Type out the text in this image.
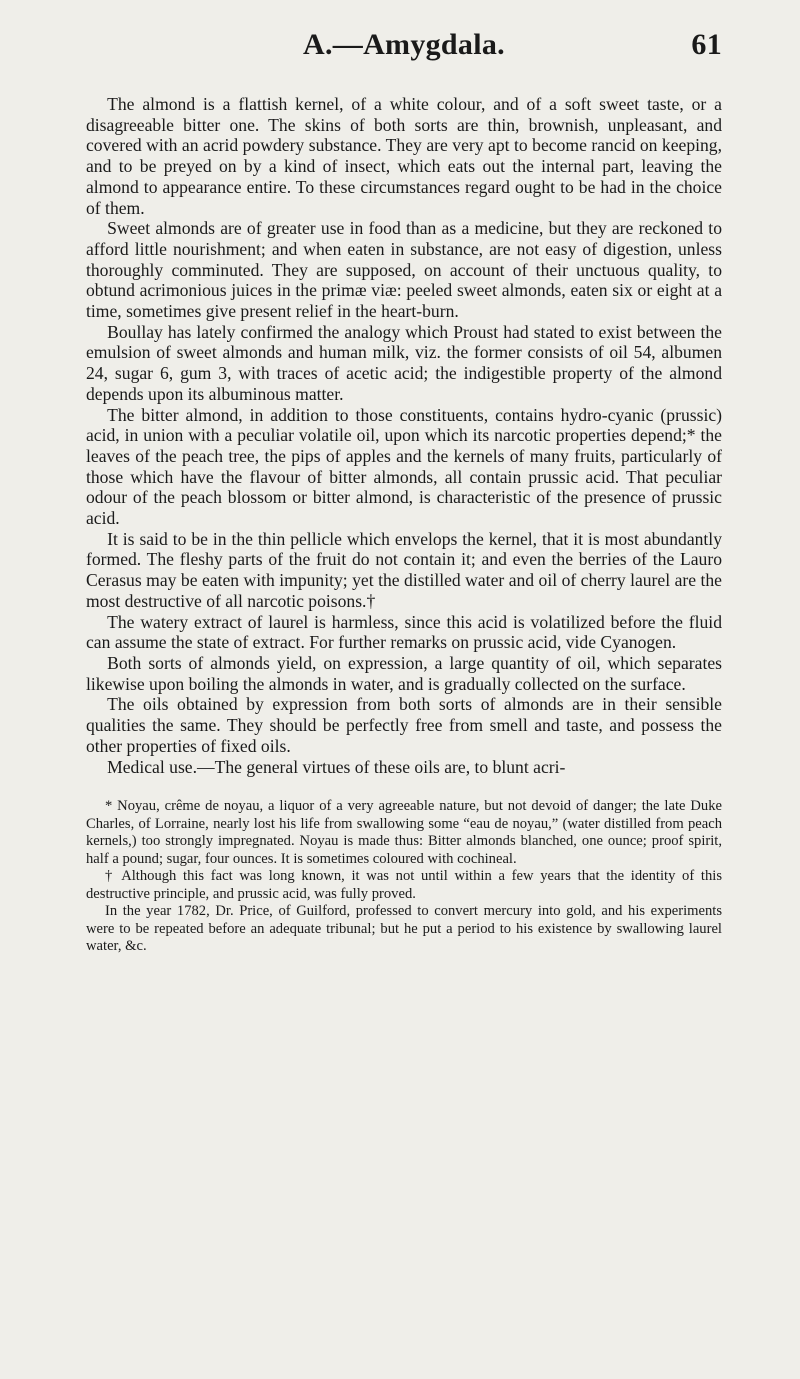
A.—Amygdala.	61

The almond is a flattish kernel, of a white colour, and of a soft sweet taste, or a disagreeable bitter one. The skins of both sorts are thin, brownish, unpleasant, and covered with an acrid powdery substance. They are very apt to become rancid on keeping, and to be preyed on by a kind of insect, which eats out the internal part, leaving the almond to appearance entire. To these circumstances regard ought to be had in the choice of them.

Sweet almonds are of greater use in food than as a medicine, but they are reckoned to afford little nourishment; and when eaten in substance, are not easy of digestion, unless thoroughly comminuted. They are supposed, on account of their unctuous quality, to obtund acrimonious juices in the primæ viæ: peeled sweet almonds, eaten six or eight at a time, sometimes give present relief in the heart-burn.

Boullay has lately confirmed the analogy which Proust had stated to exist between the emulsion of sweet almonds and human milk, viz. the former consists of oil 54, albumen 24, sugar 6, gum 3, with traces of acetic acid; the indigestible property of the almond depends upon its albuminous matter.

The bitter almond, in addition to those constituents, contains hydro-cyanic (prussic) acid, in union with a peculiar volatile oil, upon which its narcotic properties depend;* the leaves of the peach tree, the pips of apples and the kernels of many fruits, particularly of those which have the flavour of bitter almonds, all contain prussic acid. That peculiar odour of the peach blossom or bitter almond, is characteristic of the presence of prussic acid.

It is said to be in the thin pellicle which envelops the kernel, that it is most abundantly formed. The fleshy parts of the fruit do not contain it; and even the berries of the Lauro Cerasus may be eaten with impunity; yet the distilled water and oil of cherry laurel are the most destructive of all narcotic poisons.†

The watery extract of laurel is harmless, since this acid is volatilized before the fluid can assume the state of extract. For further remarks on prussic acid, vide Cyanogen.

Both sorts of almonds yield, on expression, a large quantity of oil, which separates likewise upon boiling the almonds in water, and is gradually collected on the surface.

The oils obtained by expression from both sorts of almonds are in their sensible qualities the same. They should be perfectly free from smell and taste, and possess the other properties of fixed oils.

Medical use.—The general virtues of these oils are, to blunt acri-

* Noyau, crême de noyau, a liquor of a very agreeable nature, but not devoid of danger; the late Duke Charles, of Lorraine, nearly lost his life from swallowing some “eau de noyau,” (water distilled from peach kernels,) too strongly impregnated. Noyau is made thus: Bitter almonds blanched, one ounce; proof spirit, half a pound; sugar, four ounces. It is sometimes coloured with cochineal.

† Although this fact was long known, it was not until within a few years that the identity of this destructive principle, and prussic acid, was fully proved.

In the year 1782, Dr. Price, of Guilford, professed to convert mercury into gold, and his experiments were to be repeated before an adequate tribunal; but he put a period to his existence by swallowing laurel water, &c.
